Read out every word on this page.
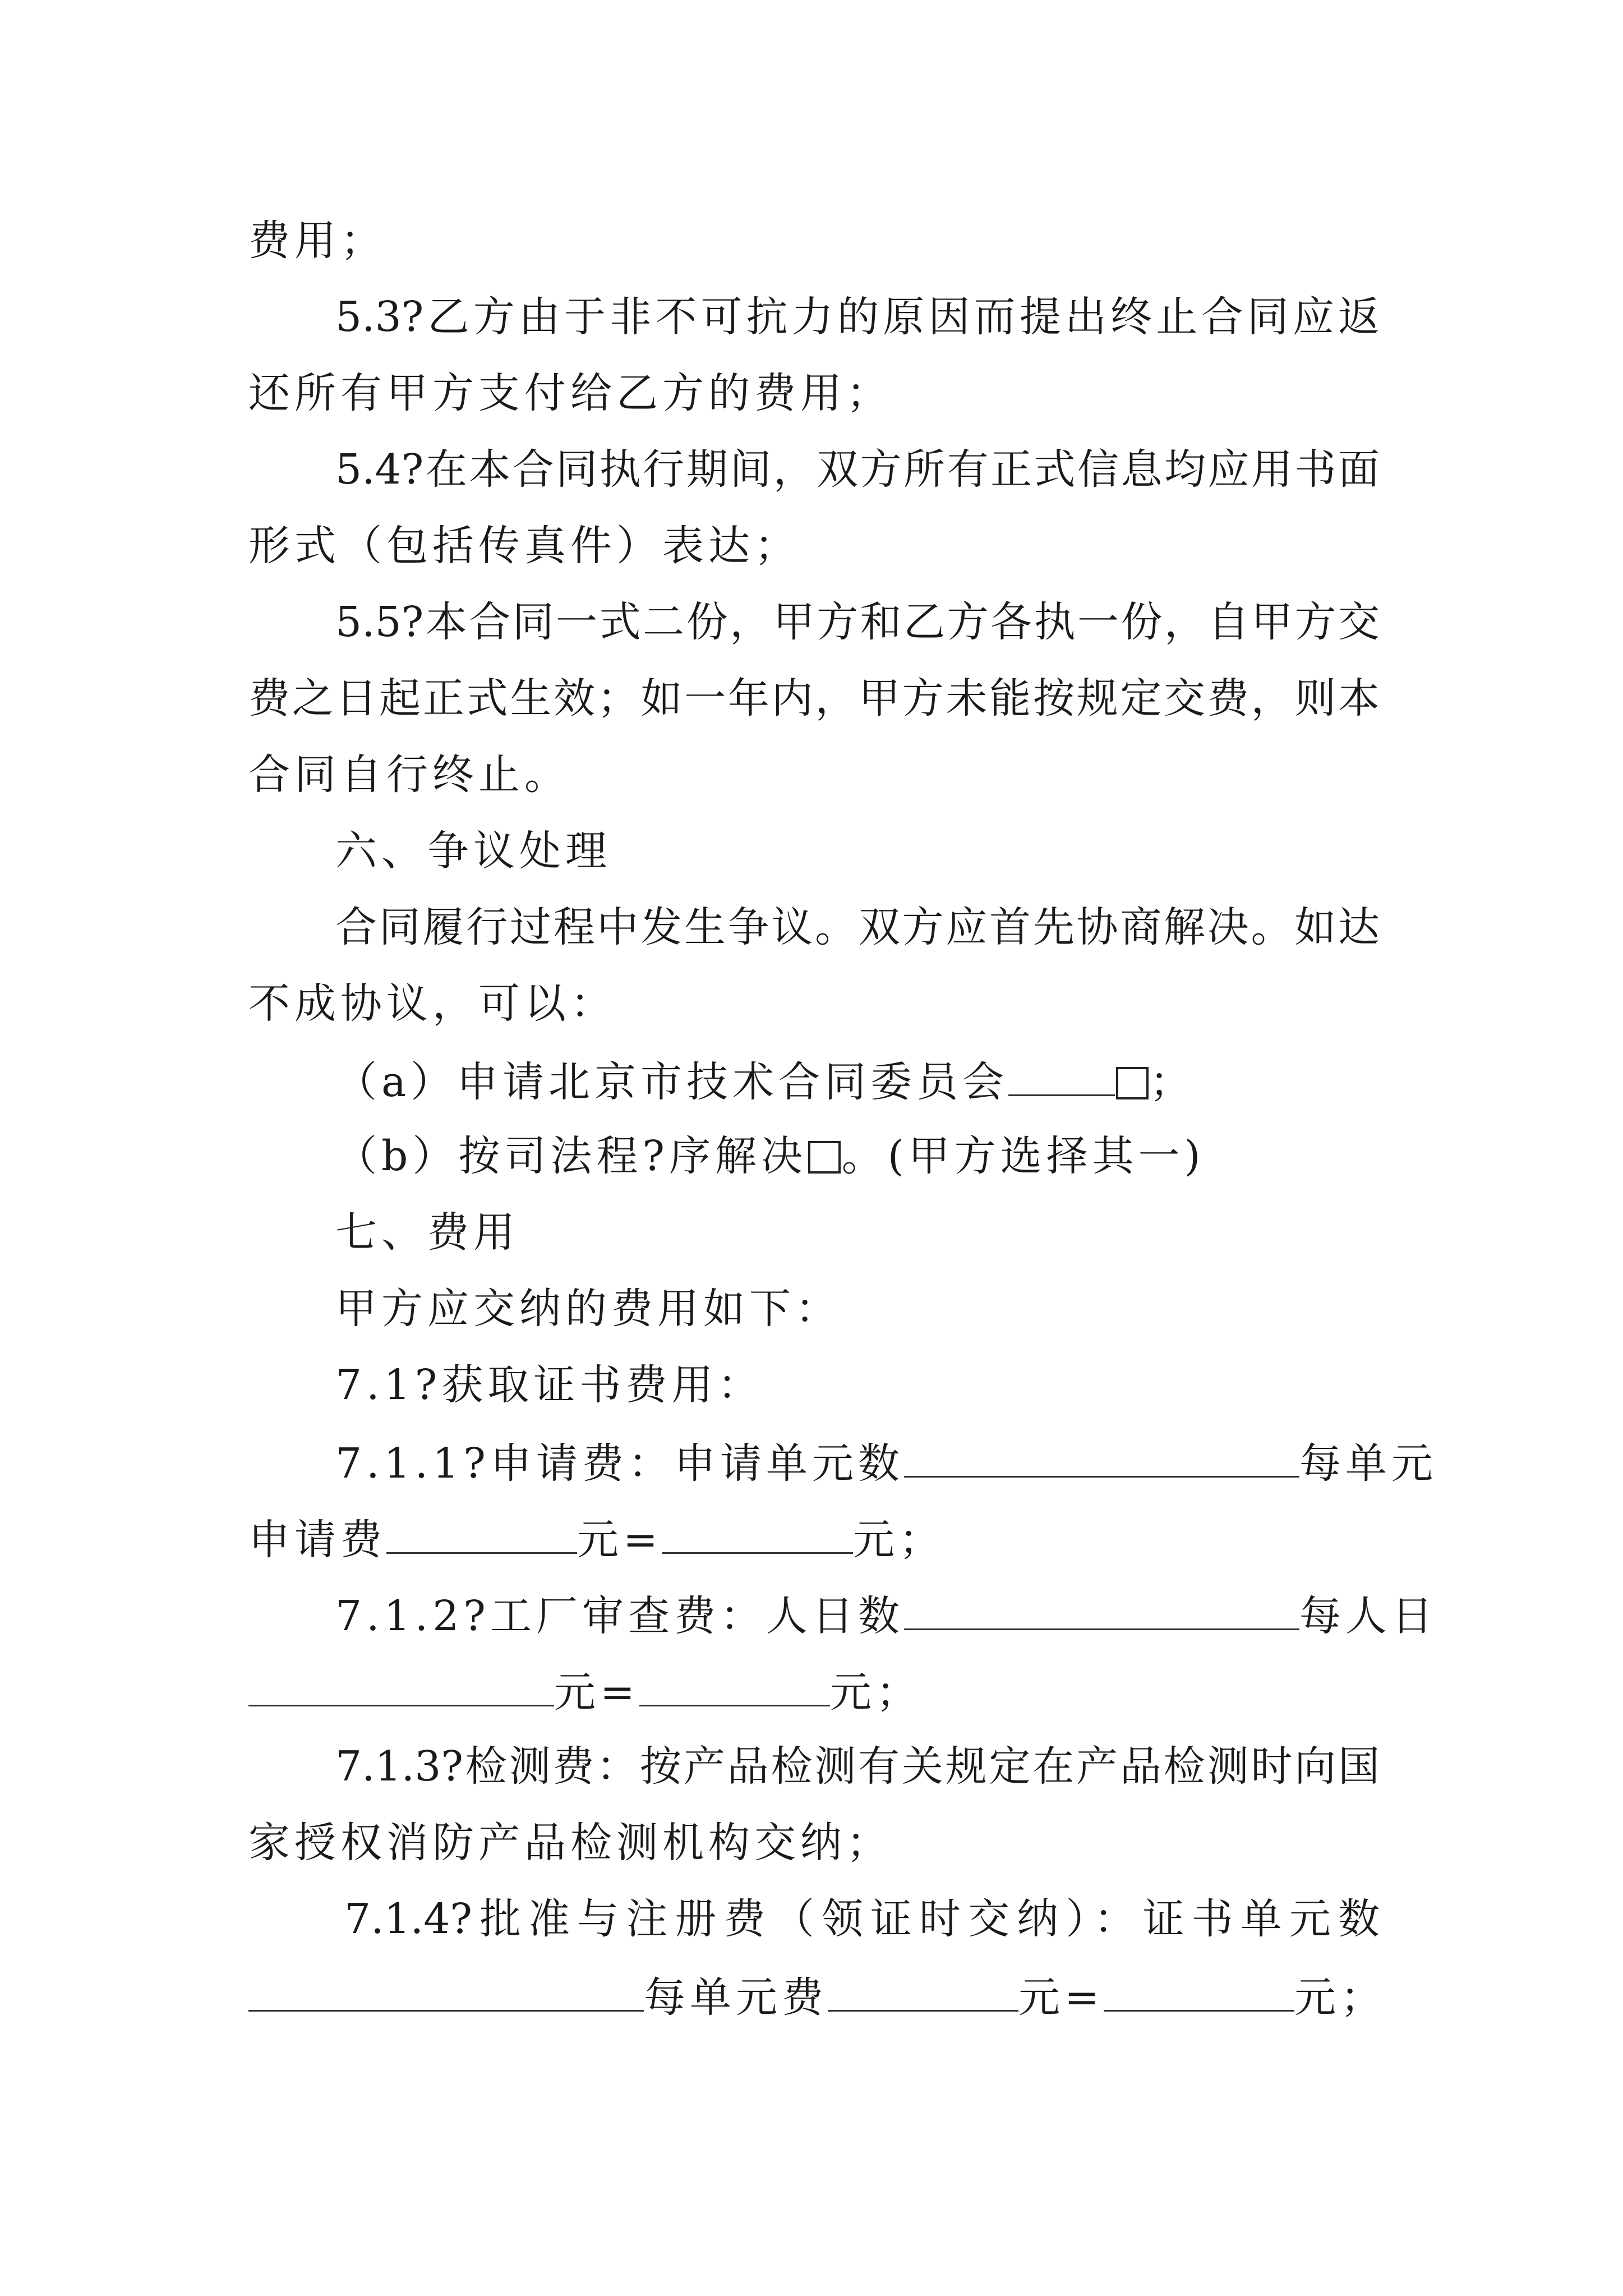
费用；
5.3?乙方由于非不可抗力的原因而提出终止合同应返
还所有甲方支付给乙方的费用；
5.4?在本合同执行期间，双方所有正式信息均应用书面
形式（包括传真件）表达；
5.5?本合同一式二份，甲方和乙方各执一份，自甲方交
费之日起正式生效；如一年内，甲方未能按规定交费，则本
合同自行终止。
六、争议处理
合同履行过程中发生争议。双方应首先协商解决。如达
不成协议，可以：
（a）申请北京市技术合同委员会	；
（b）按司法程?序解决 。(甲方选择其一)
七、费用
甲方应交纳的费用如下：
7.1?获取证书费用：
7.1.1?申请费：申请单元数	每单元
申请费	元=	元；
7.1.2?工厂审查费：人日数	每人日
元=	元；
7.1.3?检测费：按产品检测有关规定在产品检测时向国
家授权消防产品检测机构交纳；
7.1.4?批准与注册费（领证时交纳）：证书单元数
每单元费	元=	元；
